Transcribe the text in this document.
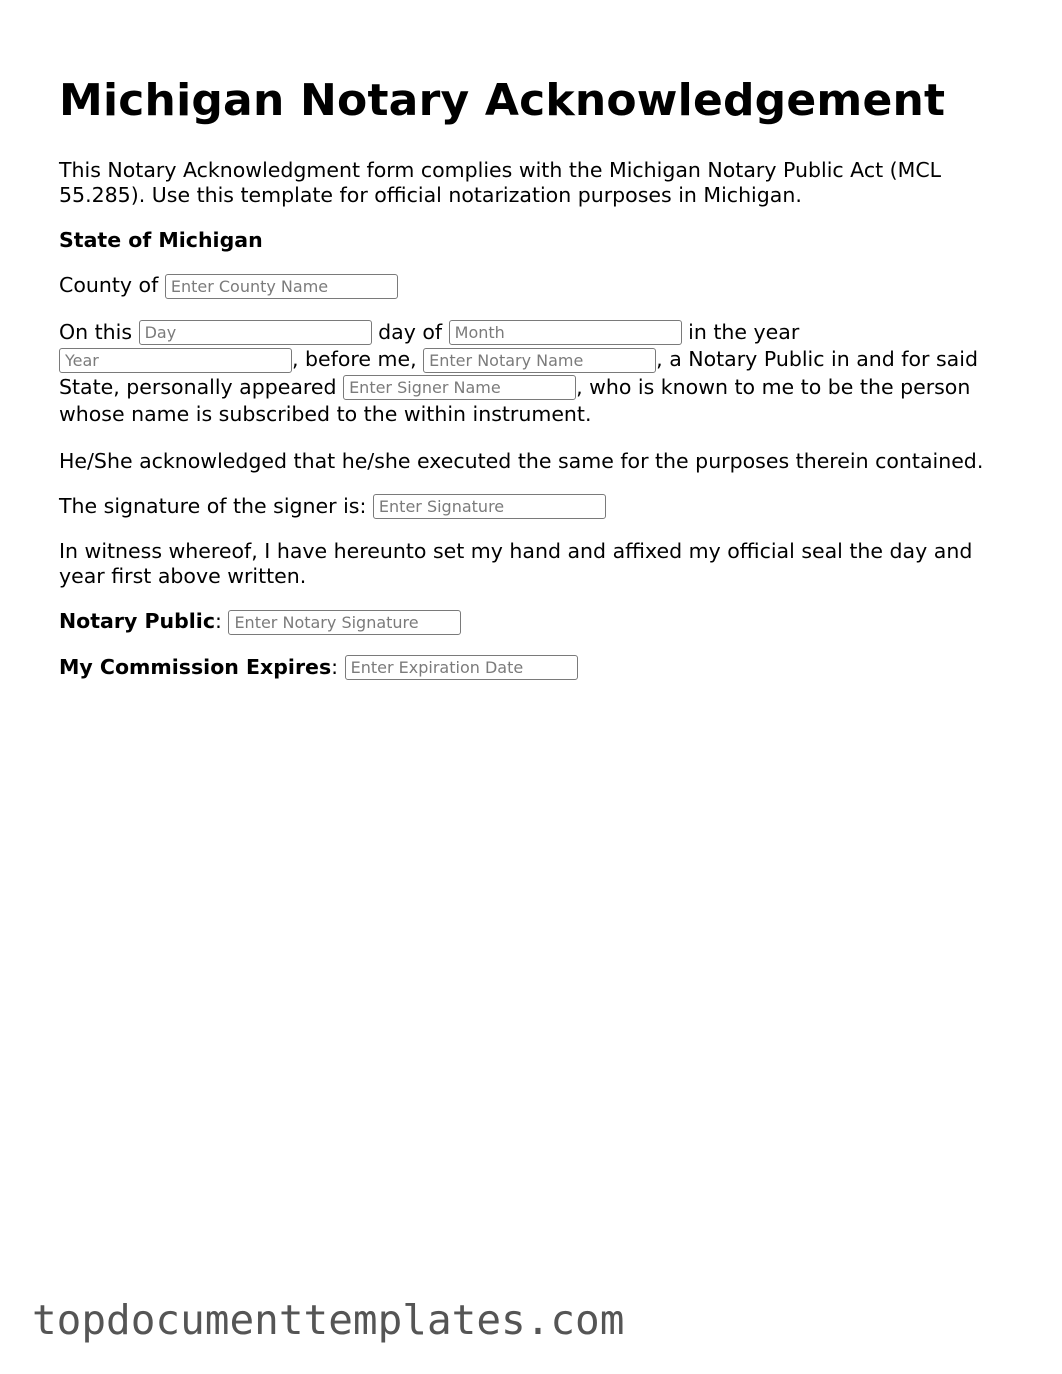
Michigan Notary Acknowledgement

This Notary Acknowledgment form complies with the Michigan Notary Public Act (MCL 55.285). Use this template for official notarization purposes in Michigan.

State of Michigan

County of Enter County Name

On this Day	day of Month	in the year Year, before me, Enter Notary Name	, a Notary Public in and for said State, personally appeared Enter Signer Name	, who is known to me to be the person whose name is subscribed to the within instrument.

He/She acknowledged that he/she executed the same for the purposes therein contained.

The signature of the signer is: Enter Signature

In witness whereof, I have hereunto set my hand and affixed my official seal the day and year first above written.

Notary Public: Enter Notary Signature

My Commission Expires: Enter Expiration Date

topdocumenttemplates.com
